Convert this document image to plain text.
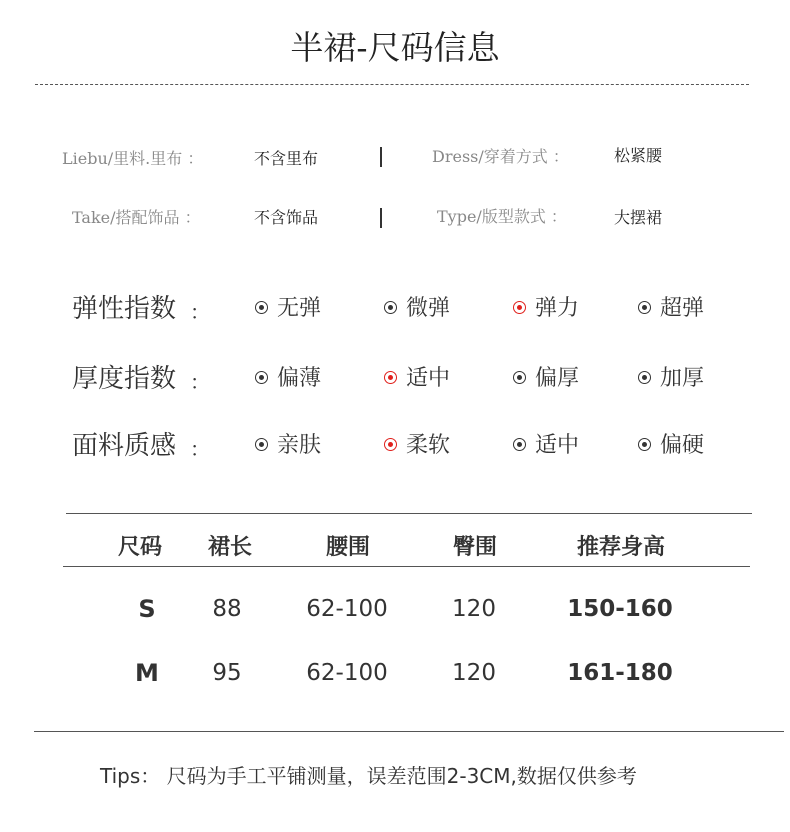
半裙-尺码信息
Liebu/里料.里布 ：	不含里布	Dress/穿着方式 ：	松紧腰
Take/搭配饰品 ：	不含饰品	Type/版型款式 ：	大摆裙
弹性指数 ：	无弹	微弹	弹力	超弹
厚度指数 ：	偏薄	适中	偏厚	加厚
面料质感 ：	亲肤	柔软	适中	偏硬
尺码	裙长	腰围	臀围	推荐身高
S	88	62-100	120	150-160
M	95	62-100	120	161-180
Tips： 尺码为手工平铺测量，误差范围2-3CM,数据仅供参考
